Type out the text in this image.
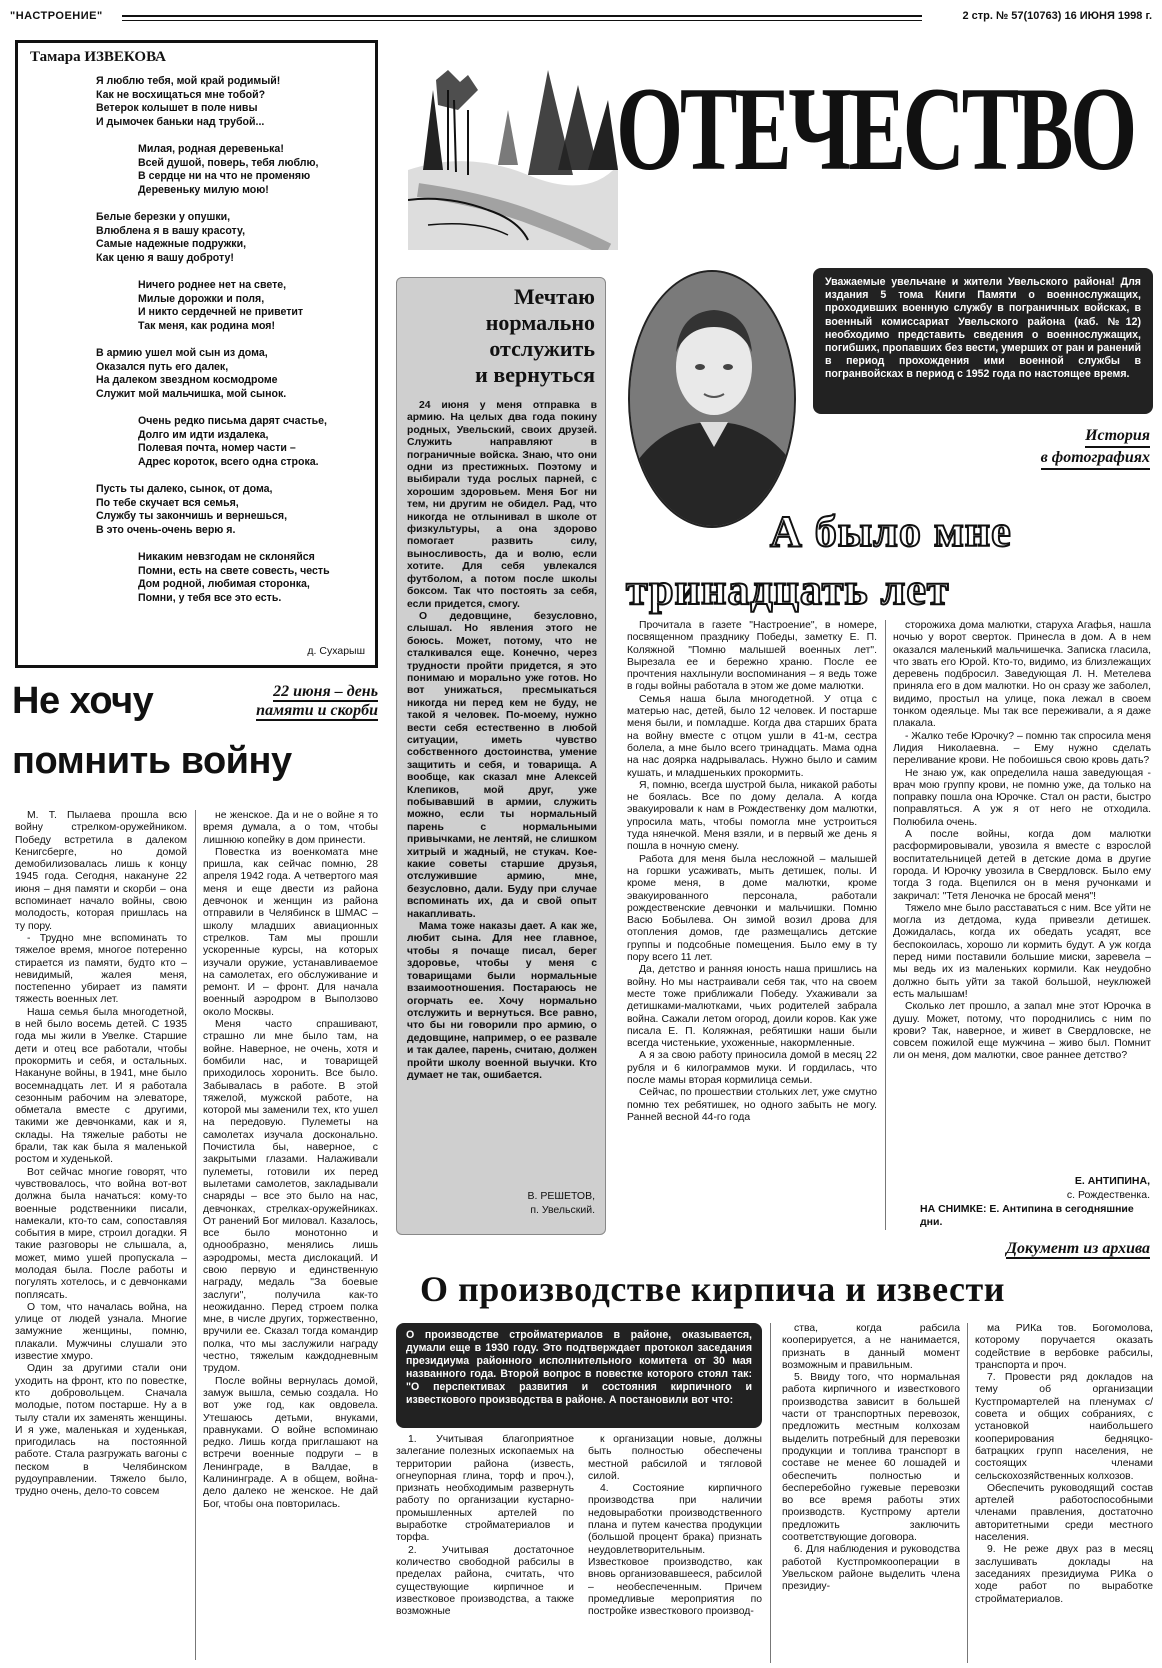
"НАСТРОЕНИЕ"	2 стр. № 57(10763) 16 ИЮНЯ 1998 г.
Тамара ИЗВЕКОВА
Я люблю тебя, мой край родимый!
Как не восхищаться мне тобой?
Ветерок колышет в поле нивы
И дымочек баньки над трубой...
Милая, родная деревенька!
Всей душой, поверь, тебя люблю,
В сердце ни на что не променяю
Деревеньку милую мою!
Белые березки у опушки,
Влюблена я в вашу красоту,
Самые надежные подружки,
Как ценю я вашу доброту!
Ничего роднее нет на свете,
Милые дорожки и поля,
И никто сердечней не приветит
Так меня, как родина моя!
В армию ушел мой сын из дома,
Оказался путь его далек,
На далеком звездном космодроме
Служит мой мальчишка, мой сынок.
Очень редко письма дарят счастье,
Долго им идти издалека,
Полевая почта, номер части –
Адрес короток, всего одна строка.
Пусть ты далеко, сынок, от дома,
По тебе скучает вся семья,
Службу ты закончишь и вернешься,
В это очень-очень верю я.
Никаким невзгодам не склоняйся
Помни, есть на свете совесть, честь
Дом родной, любимая сторонка,
Помни, у тебя все это есть.
д. Сухарыш
ОТЕЧЕСТВО
Не хочу
помнить войну
22 июня – день
памяти и скорби

М. Т. Пылаева прошла всю войну стрелком-оружейником. Победу встретила в далеком Кенигсберге, но домой демобилизовалась лишь к концу 1945 года. Сегодня, накануне 22 июня – дня памяти и скорби – она вспоминает начало войны, свою молодость, которая пришлась на ту пору.

- Трудно мне вспоминать то тяжелое время, многое потеренно стирается из памяти, будто кто – невидимый, жалея меня, постепенно убирает из памяти тяжесть военных лет.

Наша семья была многодетной, в ней было восемь детей. С 1935 года мы жили в Увелке. Старшие дети и отец все работали, чтобы прокормить и себя, и остальных. Накануне войны, в 1941, мне было восемнадцать лет. И я работала сезонным рабочим на элеваторе, обметала вместе с другими, такими же девчонками, как и я, склады. На тяжелые работы не брали, так как была я маленькой ростом и худенькой.

Вот сейчас многие говорят, что чувствовалось, что война вот-вот должна была начаться: кому-то военные родственники писали, намекали, кто-то сам, сопоставляя события в мире, строил догадки. Я такие разговоры не слышала, а, может, мимо ушей пропускала – молодая была. После работы и погулять хотелось, и с девчонками поплясать.

О том, что началась война, на улице от людей узнала. Многие замужние женщины, помню, плакали. Мужчины слушали это известие хмуро.

Один за другими стали они уходить на фронт, кто по повестке, кто добровольцем. Сначала молодые, потом постарше. Ну а в тылу стали их заменять женщины. И я уже, маленькая и худенькая, пригодилась на постоянной работе. Стала разгружать вагоны с песком в Челябинском рудоуправлении. Тяжело было, трудно очень, дело-то совсем

не женское. Да и не о войне я то время думала, а о том, чтобы лишнюю копейку в дом принести.

Повестка из военкомата мне пришла, как сейчас помню, 28 апреля 1942 года. А четвертого мая меня и еще двести из района девчонок и женщин из района отправили в Челябинск в ШМАС – школу младших авиационных стрелков. Там мы прошли ускоренные курсы, на которых изучали оружие, устанавливаемое на самолетах, его обслуживание и ремонт. И – фронт. Для начала военный аэродром в Выползово около Москвы.

Меня часто спрашивают, страшно ли мне было там, на войне. Наверное, не очень, хотя и бомбили нас, и товарищей приходилось хоронить. Все было. Забывалась в работе. В этой тяжелой, мужской работе, на которой мы заменили тех, кто ушел на передовую. Пулеметы на самолетах изучала досконально. Почистила бы, наверное, с закрытыми глазами. Налаживали пулеметы, готовили их перед вылетами самолетов, закладывали снаряды – все это было на нас, девчонках, стрелках-оружейниках. От ранений Бог миловал. Казалось, все было монотонно и однообразно, менялись лишь аэродромы, места дислокаций. И свою первую и единственную награду, медаль "За боевые заслуги", получила как-то неожиданно. Перед строем полка мне, в числе других, торжественно, вручили ее. Сказал тогда командир полка, что мы заслужили награду честно, тяжелым каждодневным трудом.

После войны вернулась домой, замуж вышла, семью создала. Но вот уже год, как овдовела. Утешаюсь детьми, внуками, правнуками. О войне вспоминаю редко. Лишь когда приглашают на встречи военные подруги – в Ленинграде, в Валдае, в Калининграде. А в общем, война-дело далеко не женское. Не дай Бог, чтобы она повторилась.

Мечтаю
нормально
отслужить
и вернуться

24 июня у меня отправка в армию. На целых два года покину родных, Увельский, своих друзей. Служить направляют в пограничные войска. Знаю, что они одни из престижных. Поэтому и выбирали туда рослых парней, с хорошим здоровьем. Меня Бог ни тем, ни другим не обидел. Рад, что никогда не отлынивал в школе от физкультуры, а она здорово помогает развить силу, выносливость, да и волю, если хотите. Для себя увлекался футболом, а потом после школы боксом. Так что постоять за себя, если придется, смогу.

О дедовщине, безусловно, слышал. Но явления этого не боюсь. Может, потому, что не сталкивался еще. Конечно, через трудности пройти придется, я это понимаю и морально уже готов. Но вот унижаться, пресмыкаться никогда ни перед кем не буду, не такой я человек. По-моему, нужно вести себя естественно в любой ситуации, иметь чувство собственного достоинства, умение защитить и себя, и товарища. А вообще, как сказал мне Алексей Клепиков, мой друг, уже побывавший в армии, служить можно, если ты нормальный парень с нормальными привычками, не лентяй, не слишком хитрый и жадный, не стукач. Кое-какие советы старшие друзья, отслужившие армию, мне, безусловно, дали. Буду при случае вспоминать их, да и свой опыт накапливать.

Мама тоже наказы дает. А как же, любит сына. Для нее главное, чтобы я почаще писал, берег здоровье, чтобы у меня с товарищами были нормальные взаимоотношения. Постараюсь не огорчать ее. Хочу нормально отслужить и вернуться. Все равно, что бы ни говорили про армию, о дедовщине, например, о ее развале и так далее, парень, считаю, должен пройти школу военной выучки. Кто думает не так, ошибается.

В. РЕШЕТОВ,
п. Увельский.
Уважаемые увельчане и жители Увельского района! Для издания 5 тома Книги Памяти о военнослужащих, проходивших военную службу в пограничных войсках, в военный комиссариат Увельского района (каб. №12) необходимо представить сведения о военнослужащих, погибших, пропавших без вести, умерших от ран и ранений в период прохождения ими военной службы в погранвойсках в период с 1952 года по настоящее время.
История
в фотографиях
А было мне
тринадцать лет

Прочитала в газете "Настроение", в номере, посвященном празднику Победы, заметку Е. П. Коляжной "Помню малышей военных лет". Вырезала ее и бережно храню. После ее прочтения нахлынули воспоминания – я ведь тоже в годы войны работала в этом же доме малютки.

Семья наша была многодетной. У отца с матерью нас, детей, было 12 человек. И постарше меня были, и помладше. Когда два старших брата на войну вместе с отцом ушли в 41-м, сестра болела, а мне было всего тринадцать. Мама одна на нас доярка надрывалась. Нужно было и самим кушать, и младшеньких прокормить.

Я, помню, всегда шустрой была, никакой работы не боялась. Все по дому делала. А когда эвакуировали к нам в Рождественку дом малютки, упросила мать, чтобы помогла мне устроиться туда нянечкой. Меня взяли, и в первый же день я пошла в ночную смену.

Работа для меня была несложной – малышей на горшки усаживать, мыть детишек, полы. И кроме меня, в доме малютки, кроме эвакуированного персонала, работали рождественские девчонки и мальчишки. Помню Васю Бобылева. Он зимой возил дрова для отопления домов, где размещались детские группы и подсобные помещения. Было ему в ту пору всего 11 лет.

Да, детство и ранняя юность наша пришлись на войну. Но мы настраивали себя так, что на своем месте тоже приближали Победу. Ухаживали за детишками-малютками, чьих родителей забрала война. Сажали летом огород, доили коров. Как уже писала Е. П. Коляжная, ребятишки наши были всегда чистенькие, ухоженные, накормленные.

А я за свою работу приносила домой в месяц 22 рубля и 6 килограммов муки. И гордилась, что после мамы вторая кормилица семьи.

Сейчас, по прошествии стольких лет, уже смутно помню тех ребятишек, но одного забыть не могу. Ранней весной 44-го года

сторожиха дома малютки, старуха Агафья, нашла ночью у ворот сверток. Принесла в дом. А в нем оказался маленький мальчишечка. Записка гласила, что звать его Юрой. Кто-то, видимо, из близлежащих деревень подбросил. Заведующая Л. Н. Метелева приняла его в дом малютки. Но он сразу же заболел, видимо, простыл на улице, пока лежал в своем тонком одеяльце. Мы так все переживали, а я даже плакала.

- Жалко тебе Юрочку? – помню так спросила меня Лидия Николаевна. – Ему нужно сделать переливание крови. Не побоишься свою кровь дать?

Не знаю уж, как определила наша заведующая - врач мою группу крови, не помню уже, да только на поправку пошла она Юрочке. Стал он расти, быстро поправляться. А уж я от него не отходила. Полюбила очень.

А после войны, когда дом малютки расформировывали, увозила я вместе с взрослой воспитательницей детей в детские дома в другие города. И Юрочку увозила в Свердловск. Было ему тогда 3 года. Вцепился он в меня ручонками и закричал: "Тетя Леночка не бросай меня"!

Тяжело мне было расставаться с ним. Все уйти не могла из детдома, куда привезли детишек. Дожидалась, когда их обедать усадят, все беспокоилась, хорошо ли кормить будут. А уж когда перед ними поставили большие миски, заревела – мы ведь их из маленьких кормили. Как неудобно должно быть уйти за такой большой, неуклюжей есть малышам!

Сколько лет прошло, а запал мне этот Юрочка в душу. Может, потому, что породнились с ним по крови? Так, наверное, и живет в Свердловске, не совсем пожилой еще мужчина – живо был. Помнит ли он меня, дом малютки, свое раннее детство?

Е. АНТИПИНА,
с. Рождественка.
НА СНИМКЕ: Е. Антипина в сегодняшние дни.
Документ из архива
О производстве кирпича и извести
О производстве стройматериалов в районе, оказывается, думали еще в 1930 году. Это подтверждает протокол заседания президиума районного исполнительного комитета от 30 мая названного года. Второй вопрос в повестке которого стоял так: "О перспективах развития и состояния кирпичного и известкового производства в районе. А постановили вот что:

1. Учитывая благоприятное залегание полезных ископаемых на территории района (известь, огнеупорная глина, торф и проч.), признать необходимым развернуть работу по организации кустарно-промышленных артелей по выработке стройматериалов и торфа.

2. Учитывая достаточное количество свободной рабсилы в пределах района, считать, что существующие кирпичное и известковое производства, а также возможные

к организации новые, должны быть полностью обеспечены местной рабсилой и тягловой силой.

4. Состояние кирпичного производства при наличии недовыработки производственного плана и путем качества продукции (большой процент брака) признать неудовлетворительным. Известковое производство, как вновь организовавшееся, рабсилой – необеспеченным. Причем промедливые мероприятия по постройке известкового производ-

ства, когда рабсила кооперируется, а не нанимается, признать в данный момент возможным и правильным.

5. Ввиду того, что нормальная работа кирпичного и известкового производства зависит в большей части от транспортных перевозок, предложить местным колхозам выделить потребный для перевозки продукции и топлива транспорт в составе не менее 60 лошадей и обеспечить полностью и бесперебойно гужевые перевозки во все время работы этих производств. Кустпрому артели предложить заключить соответствующие договора.

6. Для наблюдения и руководства работой Кустпромкооперации в Увельском районе выделить члена президиу-

ма РИКа тов. Богомолова, которому поручается оказать содействие в вербовке рабсилы, транспорта и проч.

7. Провести ряд докладов на тему об организации Кустпромартелей на пленумах с/совета и общих собраниях, с установкой наибольшего кооперирования бедняцко-батрацких групп населения, не состоящих членами сельскохозяйственных колхозов.

Обеспечить руководящий состав артелей работоспособными членами правления, достаточно авторитетными среди местного населения.

9. Не реже двух раз в месяц заслушивать доклады на заседаниях президиума РИКа о ходе работ по выработке стройматериалов.
